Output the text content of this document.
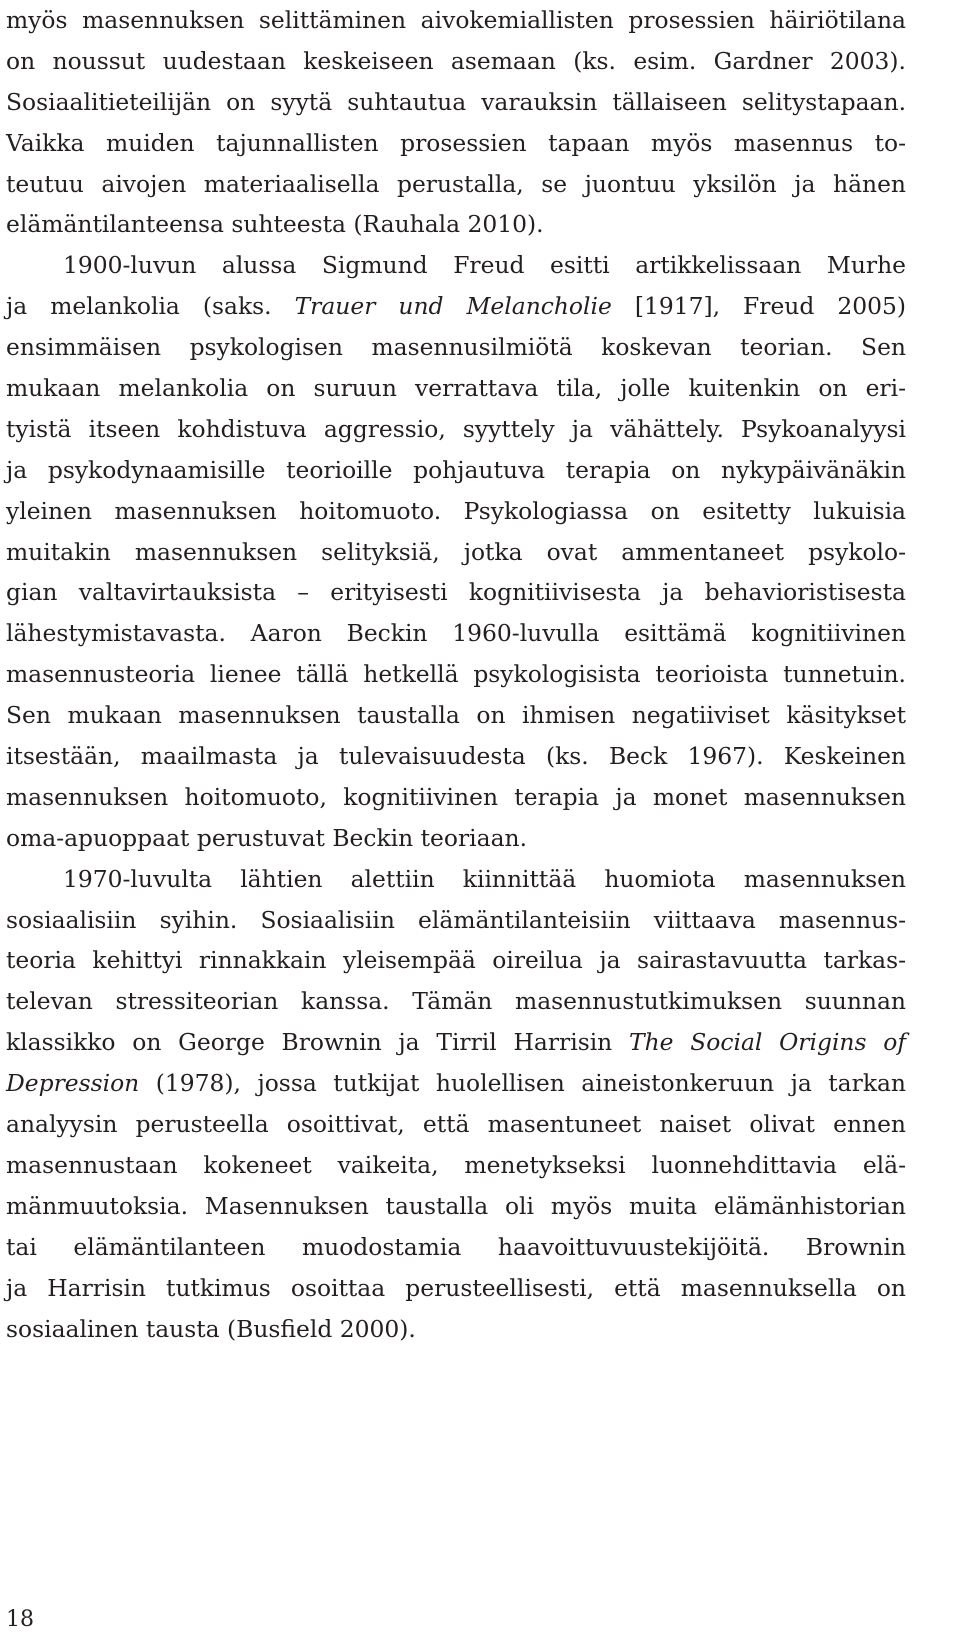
myös masennuksen selittäminen aivokemiallisten prosessien häiriötilana
on noussut uudestaan keskeiseen asemaan (ks. esim. Gardner 2003).
Sosiaalitieteilijän on syytä suhtautua varauksin tällaiseen selitystapaan.
Vaikka muiden tajunnallisten prosessien tapaan myös masennus to-
teutuu aivojen materiaalisella perustalla, se juontuu yksilön ja hänen
elämäntilanteensa suhteesta (Rauhala 2010).
1900-luvun alussa Sigmund Freud esitti artikkelissaan Murhe
ja melankolia (saks. Trauer und Melancholie [1917], Freud 2005)
ensimmäisen psykologisen masennusilmiötä koskevan teorian. Sen
mukaan melankolia on suruun verrattava tila, jolle kuitenkin on eri-
tyistä itseen kohdistuva aggressio, syyttely ja vähättely. Psykoanalyysi
ja psykodynaamisille teorioille pohjautuva terapia on nykypäivänäkin
yleinen masennuksen hoitomuoto. Psykologiassa on esitetty lukuisia
muitakin masennuksen selityksiä, jotka ovat ammentaneet psykolo-
gian valtavirtauksista – erityisesti kognitiivisesta ja behavioristisesta
lähestymistavasta. Aaron Beckin 1960-luvulla esittämä kognitiivinen
masennusteoria lienee tällä hetkellä psykologisista teorioista tunnetuin.
Sen mukaan masennuksen taustalla on ihmisen negatiiviset käsitykset
itsestään, maailmasta ja tulevaisuudesta (ks. Beck 1967). Keskeinen
masennuksen hoitomuoto, kognitiivinen terapia ja monet masennuksen
oma-apuoppaat perustuvat Beckin teoriaan.
1970-luvulta lähtien alettiin kiinnittää huomiota masennuksen
sosiaalisiin syihin. Sosiaalisiin elämäntilanteisiin viittaava masennus-
teoria kehittyi rinnakkain yleisempää oireilua ja sairastavuutta tarkas-
televan stressiteorian kanssa. Tämän masennustutkimuksen suunnan
klassikko on George Brownin ja Tirril Harrisin The Social Origins of
Depression (1978), jossa tutkijat huolellisen aineistonkeruun ja tarkan
analyysin perusteella osoittivat, että masentuneet naiset olivat ennen
masennustaan kokeneet vaikeita, menetykseksi luonnehdittavia elä-
mänmuutoksia. Masennuksen taustalla oli myös muita elämänhistorian
tai elämäntilanteen muodostamia haavoittuvuustekijöitä. Brownin
ja Harrisin tutkimus osoittaa perusteellisesti, että masennuksella on
sosiaalinen tausta (Busfield 2000).
18
